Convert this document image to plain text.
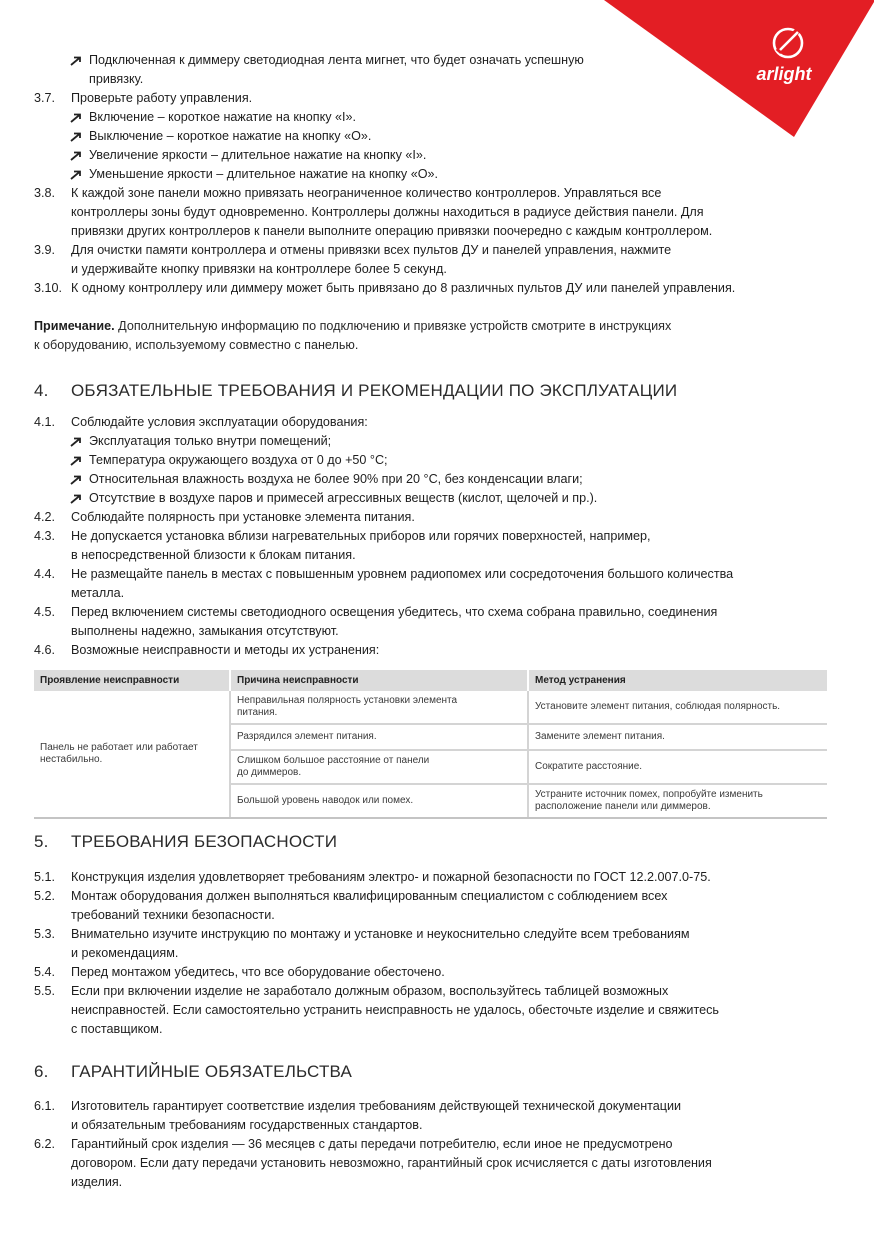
arlight
Подключенная к диммеру светодиодная лента мигнет, что будет означать успешную
привязку.
3.7. Проверьте работу управления.
Включение – короткое нажатие на кнопку «I».
Выключение – короткое нажатие на кнопку «O».
Увеличение яркости – длительное нажатие на кнопку «I».
Уменьшение яркости – длительное нажатие на кнопку «O».
3.8. К каждой зоне панели можно привязать неограниченное количество контроллеров. Управляться все
контроллеры зоны будут одновременно. Контроллеры должны находиться в радиусе действия панели. Для
привязки других контроллеров к панели выполните операцию привязки поочередно с каждым контроллером.
3.9. Для очистки памяти контроллера и отмены привязки всех пультов ДУ и панелей управления, нажмите
и удерживайте кнопку привязки на контроллере более 5 секунд.
3.10. К одному контроллеру или диммеру может быть привязано до 8 различных пультов ДУ или панелей управления.
Примечание. Дополнительную информацию по подключению и привязке устройств смотрите в инструкциях
к оборудованию, используемому совместно с панелью.
4. ОБЯЗАТЕЛЬНЫЕ ТРЕБОВАНИЯ И РЕКОМЕНДАЦИИ ПО ЭКСПЛУАТАЦИИ
4.1. Соблюдайте условия эксплуатации оборудования:
Эксплуатация только внутри помещений;
Температура окружающего воздуха от 0 до +50 °C;
Относительная влажность воздуха не более 90% при 20 °C, без конденсации влаги;
Отсутствие в воздухе паров и примесей агрессивных веществ (кислот, щелочей и пр.).
4.2. Соблюдайте полярность при установке элемента питания.
4.3. Не допускается установка вблизи нагревательных приборов или горячих поверхностей, например,
в непосредственной близости к блокам питания.
4.4. Не размещайте панель в местах с повышенным уровнем радиопомех или сосредоточения большого количества
металла.
4.5. Перед включением системы светодиодного освещения убедитесь, что схема собрана правильно, соединения
выполнены надежно, замыкания отсутствуют.
4.6. Возможные неисправности и методы их устранения:
Проявление неисправности	Причина неисправности	Метод устранения
Панель не работает или работает
нестабильно.	Неправильная полярность установки элемента
питания.	Установите элемент питания, соблюдая полярность.
	Разрядился элемент питания.	Замените элемент питания.
	Слишком большое расстояние от панели
до диммеров.	Сократите расстояние.
	Большой уровень наводок или помех.	Устраните источник помех, попробуйте изменить
расположение панели или диммеров.
5. ТРЕБОВАНИЯ БЕЗОПАСНОСТИ
5.1. Конструкция изделия удовлетворяет требованиям электро- и пожарной безопасности по ГОСТ 12.2.007.0-75.
5.2. Монтаж оборудования должен выполняться квалифицированным специалистом с соблюдением всех
требований техники безопасности.
5.3. Внимательно изучите инструкцию по монтажу и установке и неукоснительно следуйте всем требованиям
и рекомендациям.
5.4. Перед монтажом убедитесь, что все оборудование обесточено.
5.5. Если при включении изделие не заработало должным образом, воспользуйтесь таблицей возможных
неисправностей. Если самостоятельно устранить неисправность не удалось, обесточьте изделие и свяжитесь
с поставщиком.
6. ГАРАНТИЙНЫЕ ОБЯЗАТЕЛЬСТВА
6.1. Изготовитель гарантирует соответствие изделия требованиям действующей технической документации
и обязательным требованиям государственных стандартов.
6.2. Гарантийный срок изделия — 36 месяцев с даты передачи потребителю, если иное не предусмотрено
договором. Если дату передачи установить невозможно, гарантийный срок исчисляется с даты изготовления
изделия.
